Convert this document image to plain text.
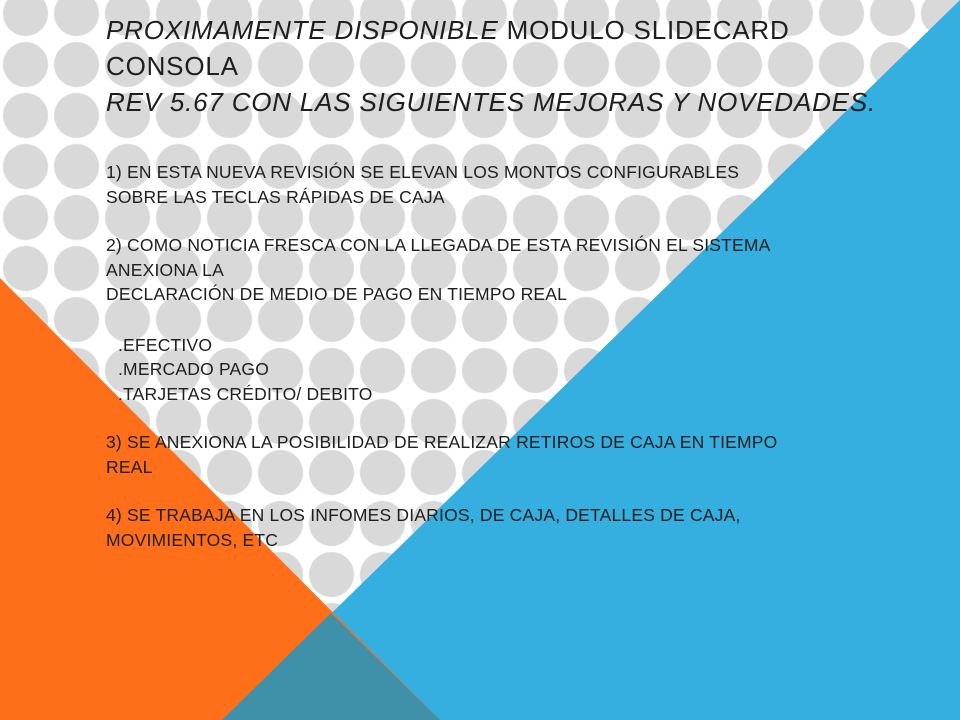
PROXIMAMENTE DISPONIBLE MODULO SLIDECARD
CONSOLA
REV 5.67 CON LAS SIGUIENTES MEJORAS Y NOVEDADES.
1) EN ESTA NUEVA REVISIÓN SE ELEVAN LOS MONTOS CONFIGURABLES
SOBRE LAS TECLAS RÁPIDAS DE CAJA
2) COMO NOTICIA FRESCA CON LA LLEGADA DE ESTA REVISIÓN EL SISTEMA
ANEXIONA LA
DECLARACIÓN DE MEDIO DE PAGO EN TIEMPO REAL
.EFECTIVO
.MERCADO PAGO
.TARJETAS CRÉDITO/ DEBITO
3) SE ANEXIONA LA POSIBILIDAD DE REALIZAR RETIROS DE CAJA EN TIEMPO
REAL
4) SE TRABAJA EN LOS INFOMES DIARIOS, DE CAJA, DETALLES DE CAJA,
MOVIMIENTOS, ETC
